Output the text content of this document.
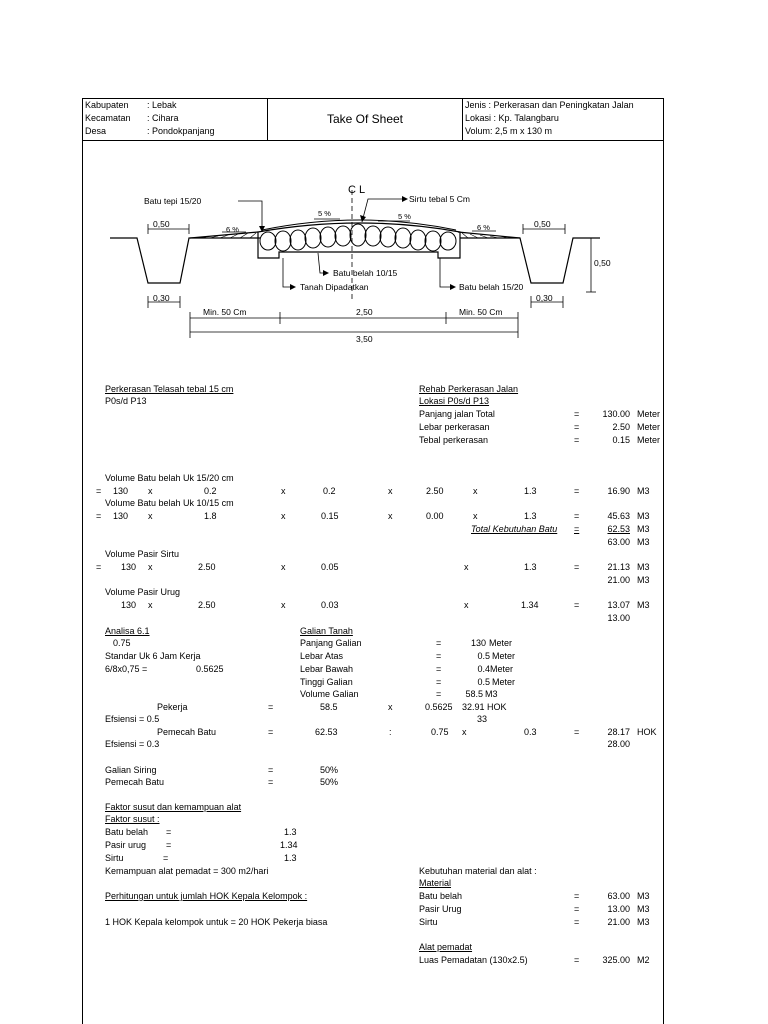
Kabupaten : Lebak
Kecamatan : Cihara
Desa	: Pondokpanjang
Take Of Sheet
Jenis : Perkerasan dan Peningkatan Jalan
Lokasi : Kp. Talangbaru
Volum: 2,5 m x 130 m
C L
Batu tepi 15/20	Sirtu tebal 5 Cm
0,50	0,50
0,50
5 %	5 %
6 %	6 %
Batu belah 10/15
Tanah Dipadatkan	Batu belah 15/20
0,30	0,30
Min. 50 Cm	2,50	Min. 50 Cm
3,50
Perkerasan Telasah tebal 15 cm
P0s/d P13
Rehab Perkerasan Jalan
Lokasi P0s/d P13
Panjang jalan Total	=	130.00 Meter
Lebar perkerasan	=	2.50 Meter
Tebal perkerasan	=	0.15 Meter
Volume Batu belah Uk 15/20 cm
= 130 x	0.2	x	0.2	x	2.50	x	1.3	=	16.90 M3
Volume Batu belah Uk 10/15 cm
= 130 x	1.8	x	0.15	x	0.00	x	1.3	=	45.63 M3
Total Kebutuhan Batu =	62.53 M3
63.00 M3
Volume Pasir Sirtu
= 130 x	2.50	x	0.05	x	1.3	=	21.13 M3
21.00 M3
Volume Pasir Urug
130 x	2.50	x	0.03	x	1.34	=	13.07 M3
13.00
Analisa 6.1
0.75
Standar Uk 6 Jam Kerja
6/8x0,75 =	0.5625
Galian Tanah
Panjang Galian	=	130 Meter
Lebar Atas	=	0.5 Meter
Lebar Bawah	=	0.4 Meter
Tinggi Galian	=	0.5 Meter
Volume Galian	=	58.5 M3
Pekerja	=	58.5	x	0.5625 32.91 HOK
33
Efsiensi = 0.5
Pemecah Batu	=	62.53	:	0.75 x	0.3	=	28.17 HOK
28.00
Efsiensi = 0.3
Galian Siring	=	50%
Pemecah Batu	=	50%
Faktor susut dan kemampuan alat
Faktor susut :
Batu belah =	1.3
Pasir urug =	1.34
Sirtu	=	1.3
Kemampuan alat pemadat = 300 m2/hari
Perhitungan untuk jumlah HOK Kepala Kelompok :
1 HOK Kepala kelompok untuk = 20 HOK Pekerja biasa
Kebutuhan material dan alat :
Material
Batu belah	=	63.00 M3
Pasir Urug	=	13.00 M3
Sirtu	=	21.00 M3
Alat pemadat
Luas Pemadatan (130x2.5)	=	325.00 M2
